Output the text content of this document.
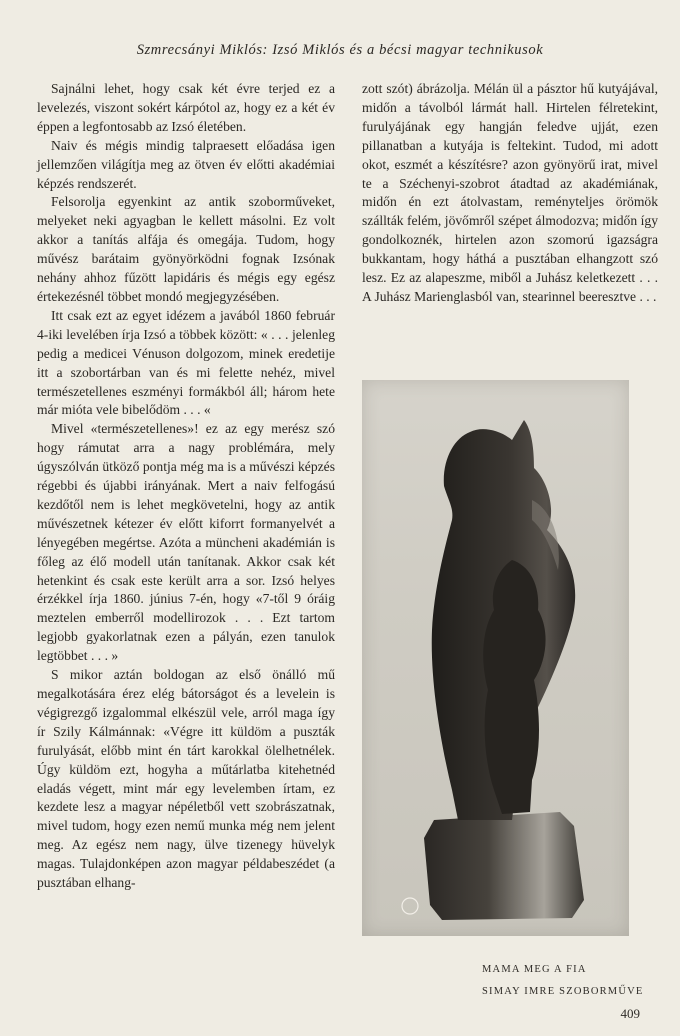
Szmrecsányi Miklós: Izsó Miklós és a bécsi magyar technikusok

Sajnálni lehet, hogy csak két évre terjed ez a levelezés, viszont sokért kárpótol az, hogy ez a két év éppen a legfontosabb az Izsó életében.

Naiv és mégis mindig talpraesett előadása igen jellemzően világítja meg az ötven év előtti akadémiai képzés rendszerét.

Felsorolja egyenkint az antik szoborműveket, melyeket neki agyagban le kellett másolni. Ez volt akkor a tanítás alfája és omegája. Tudom, hogy művész barátaim gyönyörködni fognak Izsónak nehány ahhoz fűzött lapidáris és mégis egy egész értekezésnél többet mondó megjegyzésében.

Itt csak ezt az egyet idézem a javából 1860 február 4-iki levelében írja Izsó a többek között: « . . . jelenleg pedig a medicei Vénuson dolgozom, minek eredetije itt a szobortárban van és mi felette nehéz, mivel természetellenes eszményi formákból áll; három hete már mióta vele bibelődöm . . . «

Mivel «természetellenes»! ez az egy merész szó hogy rámutat arra a nagy problémára, mely úgyszólván ütköző pontja még ma is a művészi képzés régebbi és újabbi irányának. Mert a naiv felfogású kezdőtől nem is lehet megkövetelni, hogy az antik művészetnek kétezer év előtt kiforrt formanyelvét a lényegében megértse. Azóta a müncheni akadémián is főleg az élő modell után tanítanak. Akkor csak két hetenkint és csak este került arra a sor. Izsó helyes érzékkel írja 1860. június 7-én, hogy «7-től 9 óráig meztelen emberről modellirozok . . . Ezt tartom legjobb gyakorlatnak ezen a pályán, ezen tanulok legtöbbet . . . »

S mikor aztán boldogan az első önálló mű megalkotására érez elég bátorságot és a levelein is végigrezgő izgalommal elkészül vele, arról maga így ír Szily Kálmánnak: «Végre itt küldöm a puszták furulyását, előbb mint én tárt karokkal ölelhetnélek. Úgy küldöm ezt, hogyha a műtárlatba kitehetnéd eladás végett, mint már egy levelemben írtam, ez kezdete lesz a magyar népéletből vett szobrászatnak, mivel tudom, hogy ezen nemű munka még nem jelent meg. Az egész nem nagy, ülve tizenegy hüvelyk magas. Tulajdonképen azon magyar példabeszédet (a pusztában elhang-

zott szót) ábrázolja. Mélán ül a pásztor hű kutyájával, midőn a távolból lármát hall. Hirtelen félretekint, furulyájának egy hangján feledve ujját, ezen pillanatban a kutyája is feltekint. Tudod, mi adott okot, eszmét a készítésre? azon gyönyörű irat, mivel te a Széchenyi-szobrot átadtad az akadémiának, midőn én ezt átolvastam, reményteljes örömök szállták felém, jövőmről szépet álmodozva; midőn így gondolkoznék, hirtelen azon szomorú igazságra bukkantam, hogy háthá a pusztában elhangzott szó lesz. Ez az alapeszme, miből a Juhász keletkezett . . . A Juhász Marienglasból van, stearinnel beeresztve . . .

MAMA MEG A FIA
SIMAY IMRE SZOBORMŰVE
409
